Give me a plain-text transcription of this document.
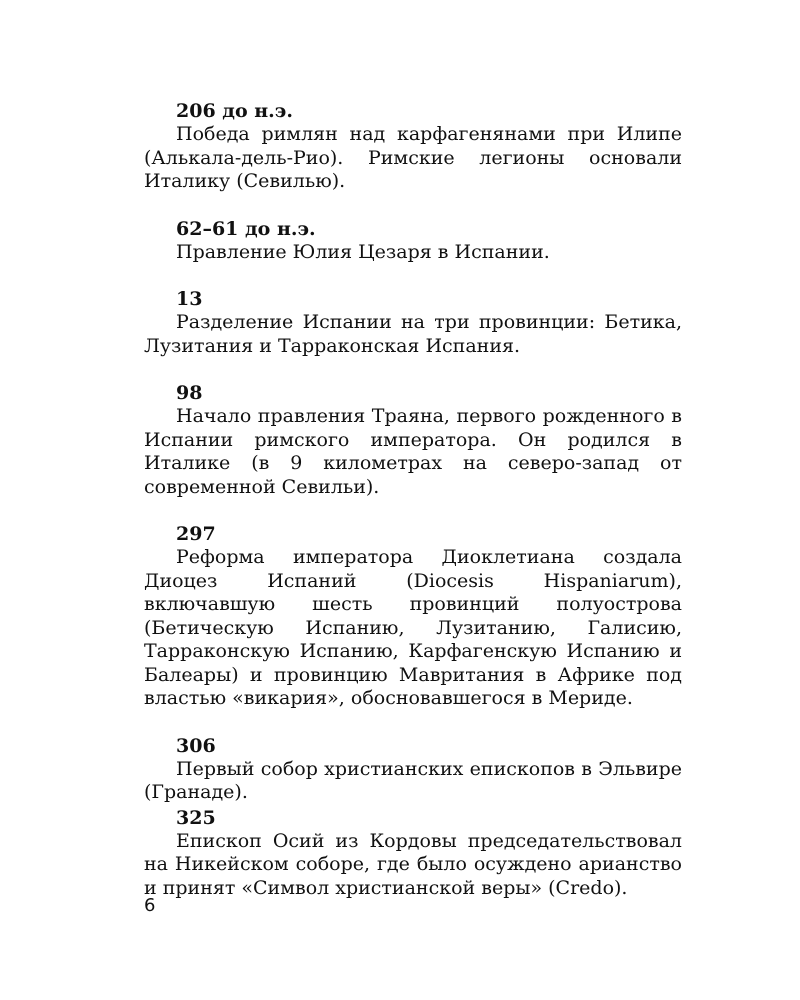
206 до н.э.

Победа римлян над карфагенянами при Илипе (Алькала-дель-Рио). Римские легионы основали Италику (Севилью).

62–61 до н.э.

Правление Юлия Цезаря в Испании.

13

Разделение Испании на три провинции: Бетика, Лузитания и Тарраконская Испания.

98

Начало правления Траяна, первого рожденного в Испании римского императора. Он родился в Италике (в 9 километрах на северо-запад от современной Севильи).

297

Реформа императора Диоклетиана создала Диоцез Испаний (Diocesis Hispaniarum), включавшую шесть провинций полуострова (Бетическую Испанию, Лузитанию, Галисию, Тарраконскую Испанию, Карфагенскую Испанию и Балеары) и провинцию Мавритания в Африке под властью «викария», обосновавшегося в Мериде.

306

Первый собор христианских епископов в Эльвире (Гранаде).

325

Епископ Осий из Кордовы председательствовал на Никейском соборе, где было осуждено арианство и принят «Символ христианской веры» (Credo).

6
